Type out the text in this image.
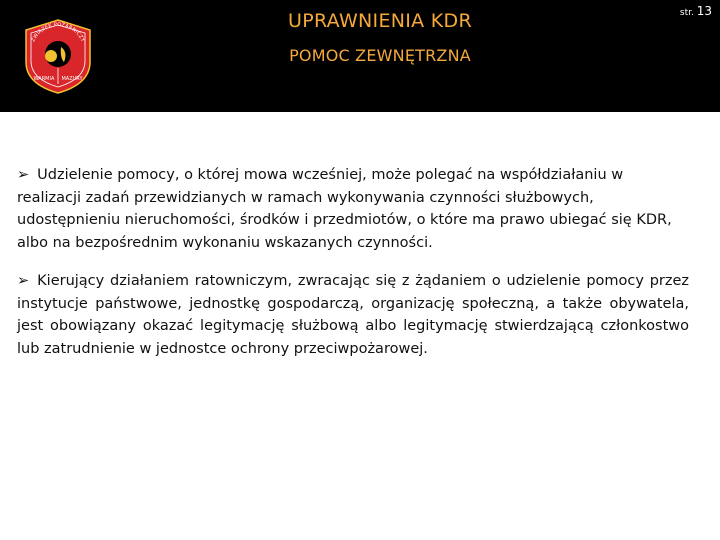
ZWIĄZEK POŻARNICZY
WARMIA MAZURY
UPRAWNIENIA KDR
POMOC ZEWNĘTRZNA
str. 13

➢ Udzielenie pomocy, o której mowa wcześniej, może polegać na współdziałaniu w realizacji zadań przewidzianych w ramach wykonywania czynności służbowych, udostępnieniu nieruchomości, środków i przedmiotów, o które ma prawo ubiegać się KDR, albo na bezpośrednim wykonaniu wskazanych czynności.

➢ Kierujący działaniem ratowniczym, zwracając się z żądaniem o udzielenie pomocy przez instytucje państwowe, jednostkę gospodarczą, organizację społeczną, a także obywatela, jest obowiązany okazać legitymację służbową albo legitymację stwierdzającą członkostwo lub zatrudnienie w jednostce ochrony przeciwpożarowej.
